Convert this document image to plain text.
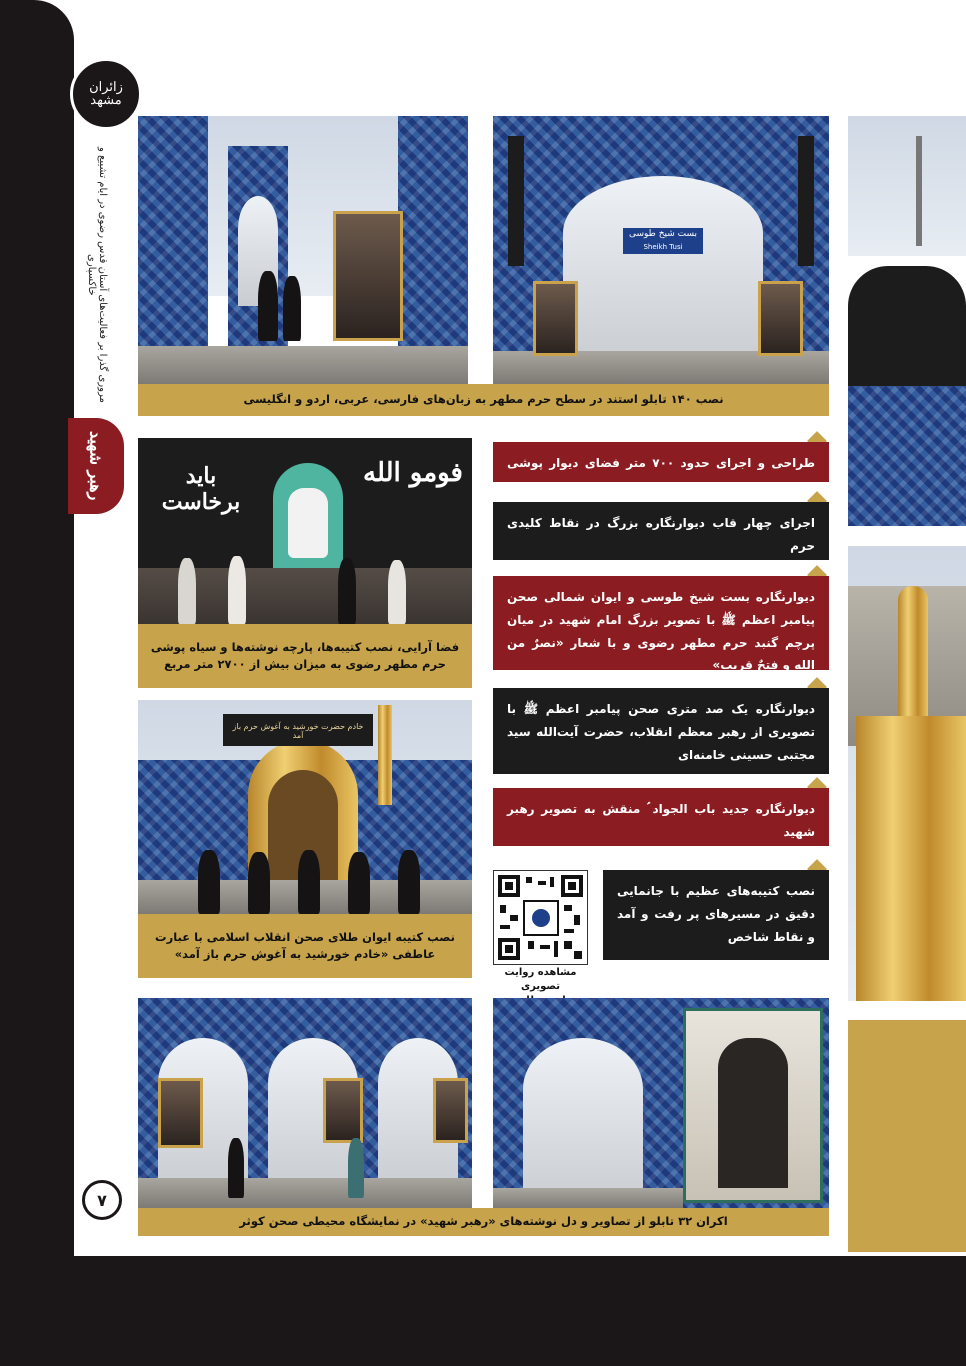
زائران مشهد
مروری گذرا بر فعالیت‌های آستان قدس رضوی در ایام تشییع و خاکسپاری
رهبر شهید
۷
بست شیخ طوسی
Sheikh Tusi
نصب ۱۴۰ تابلو استند در سطح حرم مطهر به زبان‌های فارسی، عربی، اردو و انگلیسی
فومو الله
باید برخاست
فضا آرایی، نصب کتیبه‌ها، پارچه نوشته‌ها و سیاه پوشی حرم مطهر رضوی به میزان بیش از ۲۷۰۰ متر مربع
خادم حضرت خورشید به آغوش حرم باز آمد
نصب کتیبه ایوان طلای صحن انقلاب اسلامی با عبارت عاطفی «خادم خورشید به آغوش حرم باز آمد»
طراحی و اجرای حدود ۷۰۰ متر فضای دیوار پوشی جدید
اجرای چهار قاب دیوارنگاره بزرگ در نقاط کلیدی حرم
دیوارنگاره بست شیخ طوسی و ایوان شمالی صحن پیامبر اعظم ﷺ با تصویر بزرگ امام شهید در میان پرچم گنبد حرم مطهر رضوی و با شعار «نصرٌ من الله و فتحٌ قریب»
دیوارنگاره یک صد متری صحن پیامبر اعظم ﷺ با تصویری از رهبر معظم انقلاب، حضرت آیت‌الله سید مجتبی حسینی خامنه‌ای
دیوارنگاره جدید باب الجواد ؑ منقش به تصویر رهبر شهید
نصب کتیبه‌های عظیم با جانمایی دقیق در مسیرهای پر رفت و آمد و نقاط شاخص
مشاهده روایت تصویری
اکران ۳۲ تابلو از تصاویر و دل نوشته‌های «رهبر شهید» در نمایشگاه محیطی صحن کوثر
